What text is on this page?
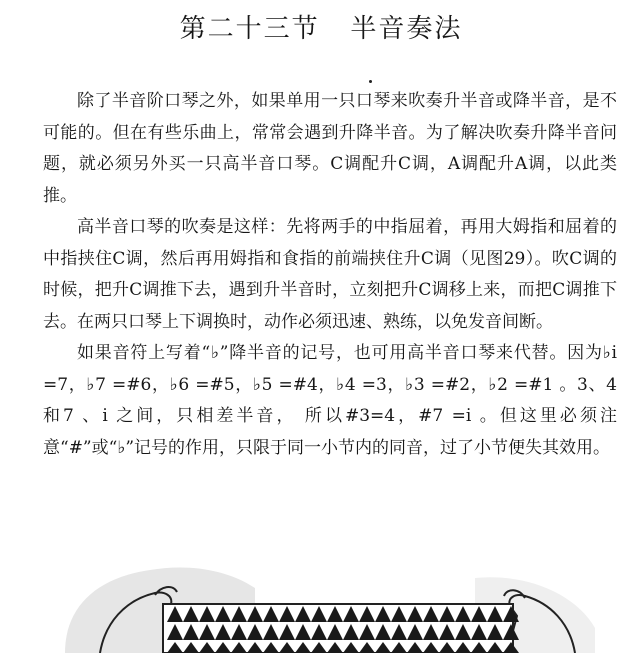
第二十三节   半音奏法

除了半音阶口琴之外，如果单用一只口琴来吹奏升半音或降半音，是不可能的。但在有些乐曲上，常常会遇到升降半音。为了解决吹奏升降半音问题，就必须另外买一只高半音口琴。C调配升C调，A调配升A调，以此类推。

高半音口琴的吹奏是这样：先将两手的中指屈着，再用大姆指和屈着的中指挟住C调，然后再用姆指和食指的前端挟住升C调（见图29）。吹C调的时候，把升C调推下去，遇到升半音时，立刻把升C调移上来，而把C调推下去。在两只口琴上下调换时，动作必须迅速、熟练，以免发音间断。

如果音符上写着“♭”降半音的记号，也可用高半音口琴来代替。因为♭i̇ =7，♭7 =#6，♭6 =#5，♭5 =#4，♭4 =3，♭3 =#2，♭2 =#1 。3、4 和7 、i̇ 之间，只相差半音， 所以#3=4，#7 =i̇ 。但这里必须注意“#”或“♭”记号的作用，只限于同一小节内的同音，过了小节便失其效用。
